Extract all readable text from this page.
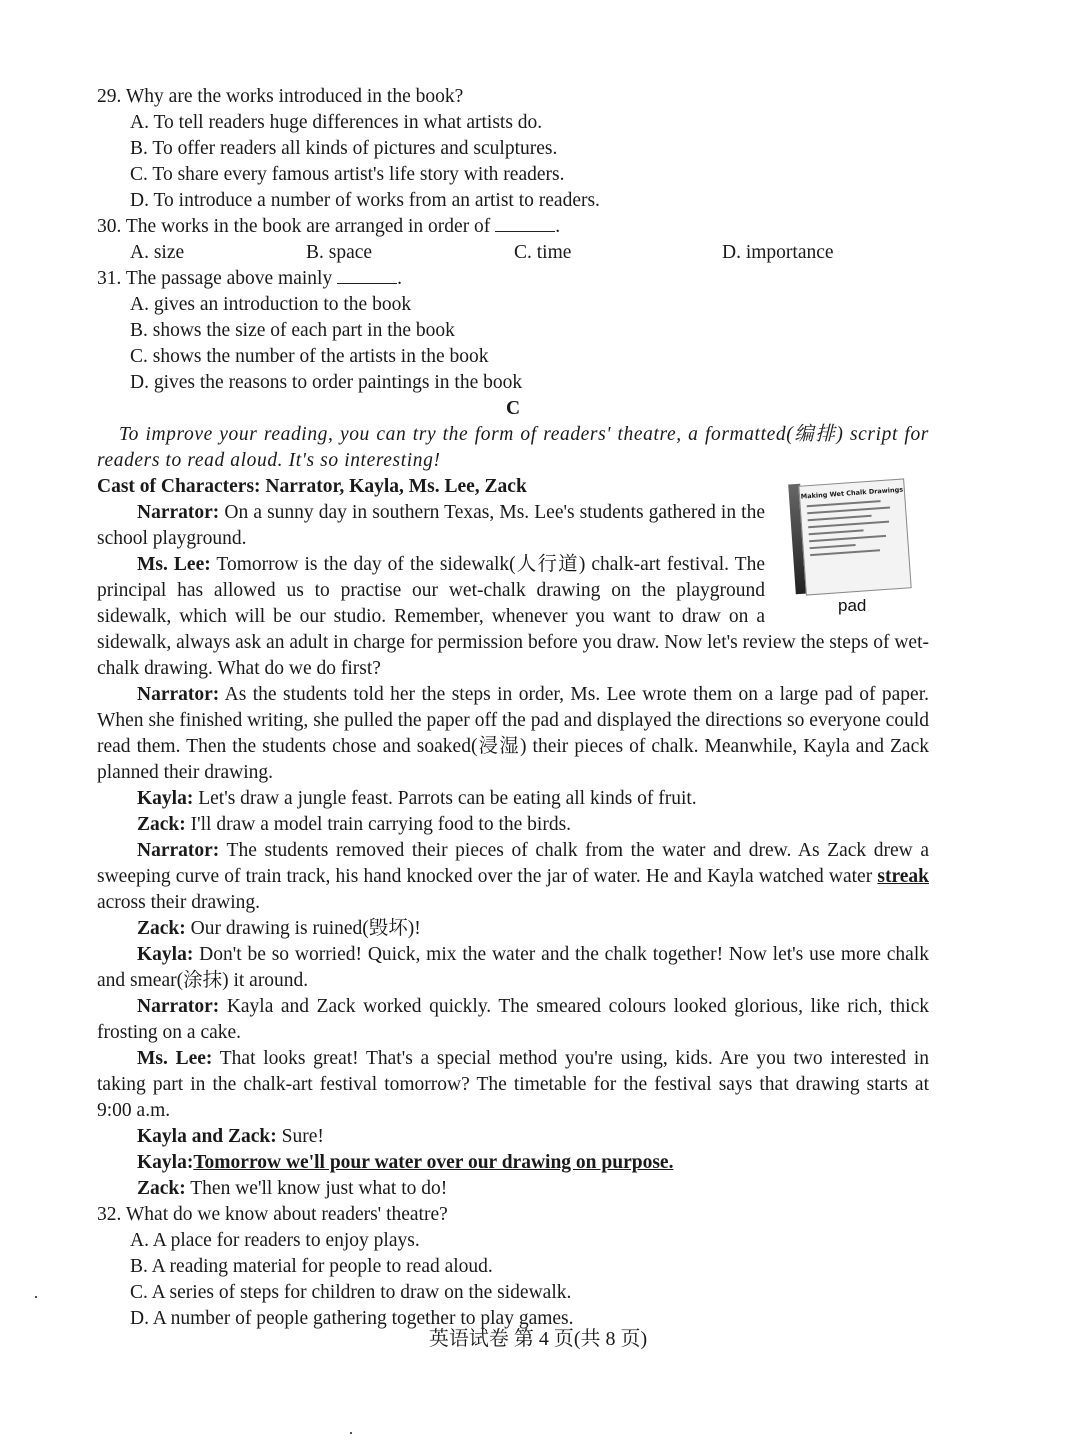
29. Why are the works introduced in the book?
A. To tell readers huge differences in what artists do.
B. To offer readers all kinds of pictures and sculptures.
C. To share every famous artist's life story with readers.
D. To introduce a number of works from an artist to readers.
30. The works in the book are arranged in order of	.
A. size	B. space	C. time	D. importance
31. The passage above mainly	.
A. gives an introduction to the book
B. shows the size of each part in the book
C. shows the number of the artists in the book
D. gives the reasons to order paintings in the book
C
To improve your reading, you can try the form of readers' theatre, a formatted(编排) script for readers to read aloud. It's so interesting!
Cast of Characters: Narrator, Kayla, Ms. Lee, Zack
Narrator: On a sunny day in southern Texas, Ms. Lee's students gathered in the school playground.
Ms. Lee: Tomorrow is the day of the sidewalk(人行道) chalk-art festival. The principal has allowed us to practise our wet-chalk drawing on the playground sidewalk, which will be our studio. Remember, whenever you want to draw on a sidewalk, always ask an adult in charge for permission before you draw. Now let's review the steps of wet-chalk drawing. What do we do first?
Narrator: As the students told her the steps in order, Ms. Lee wrote them on a large pad of paper. When she finished writing, she pulled the paper off the pad and displayed the directions so everyone could read them. Then the students chose and soaked(浸湿) their pieces of chalk. Meanwhile, Kayla and Zack planned their drawing.
Kayla: Let's draw a jungle feast. Parrots can be eating all kinds of fruit.
Zack: I'll draw a model train carrying food to the birds.
Narrator: The students removed their pieces of chalk from the water and drew. As Zack drew a sweeping curve of train track, his hand knocked over the jar of water. He and Kayla watched water streak across their drawing.
Zack: Our drawing is ruined(毁坏)!
Kayla: Don't be so worried! Quick, mix the water and the chalk together! Now let's use more chalk and smear(涂抹) it around.
Narrator: Kayla and Zack worked quickly. The smeared colours looked glorious, like rich, thick frosting on a cake.
Ms. Lee: That looks great! That's a special method you're using, kids. Are you two interested in taking part in the chalk-art festival tomorrow? The timetable for the festival says that drawing starts at 9:00 a.m.
Kayla and Zack: Sure!
Kayla:Tomorrow we'll pour water over our drawing on purpose.
Zack: Then we'll know just what to do!
32. What do we know about readers' theatre?
A. A place for readers to enjoy plays.
B. A reading material for people to read aloud.
C. A series of steps for children to draw on the sidewalk.
D. A number of people gathering together to play games.
Making Wet Chalk Drawings
pad
英语试卷 第 4 页(共 8 页)
